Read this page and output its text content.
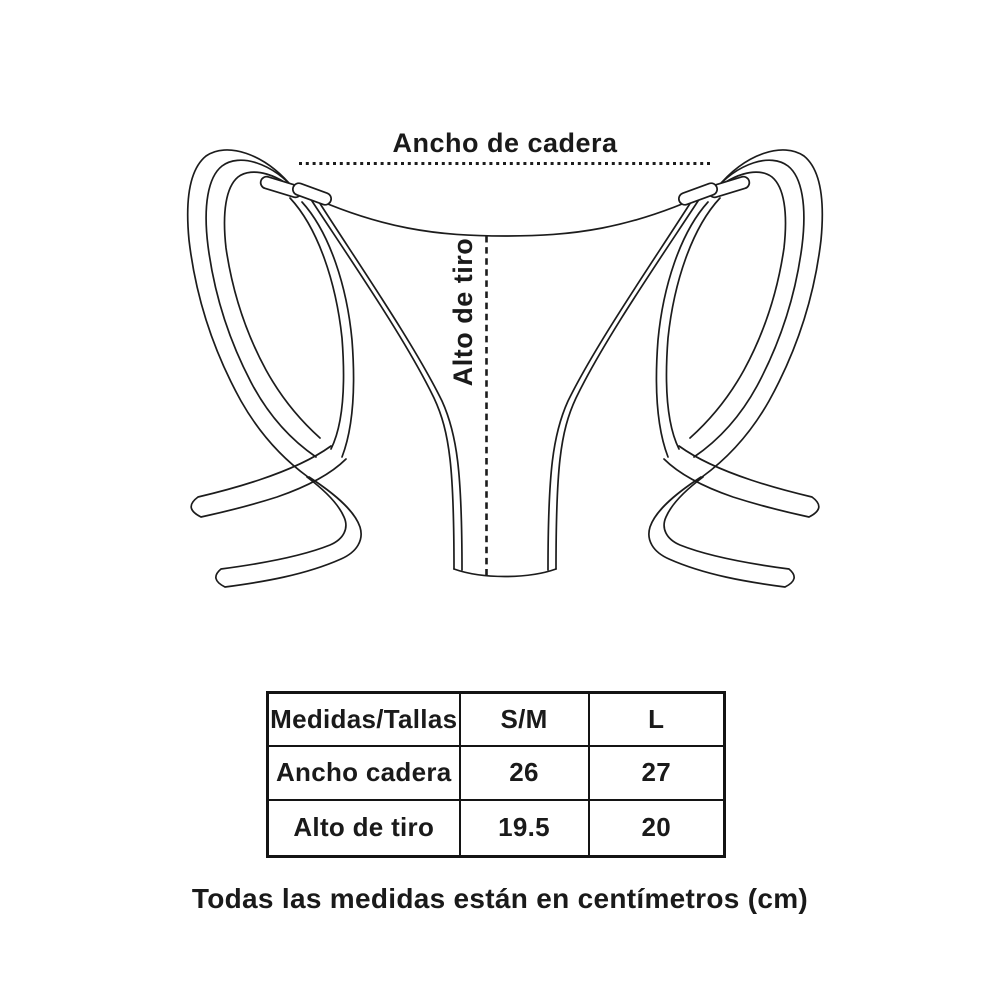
Ancho de cadera
Alto de tiro
Medidas/Tallas	S/M	L
Ancho cadera	26	27
Alto de tiro	19.5	20
Todas las medidas están en centímetros (cm)
